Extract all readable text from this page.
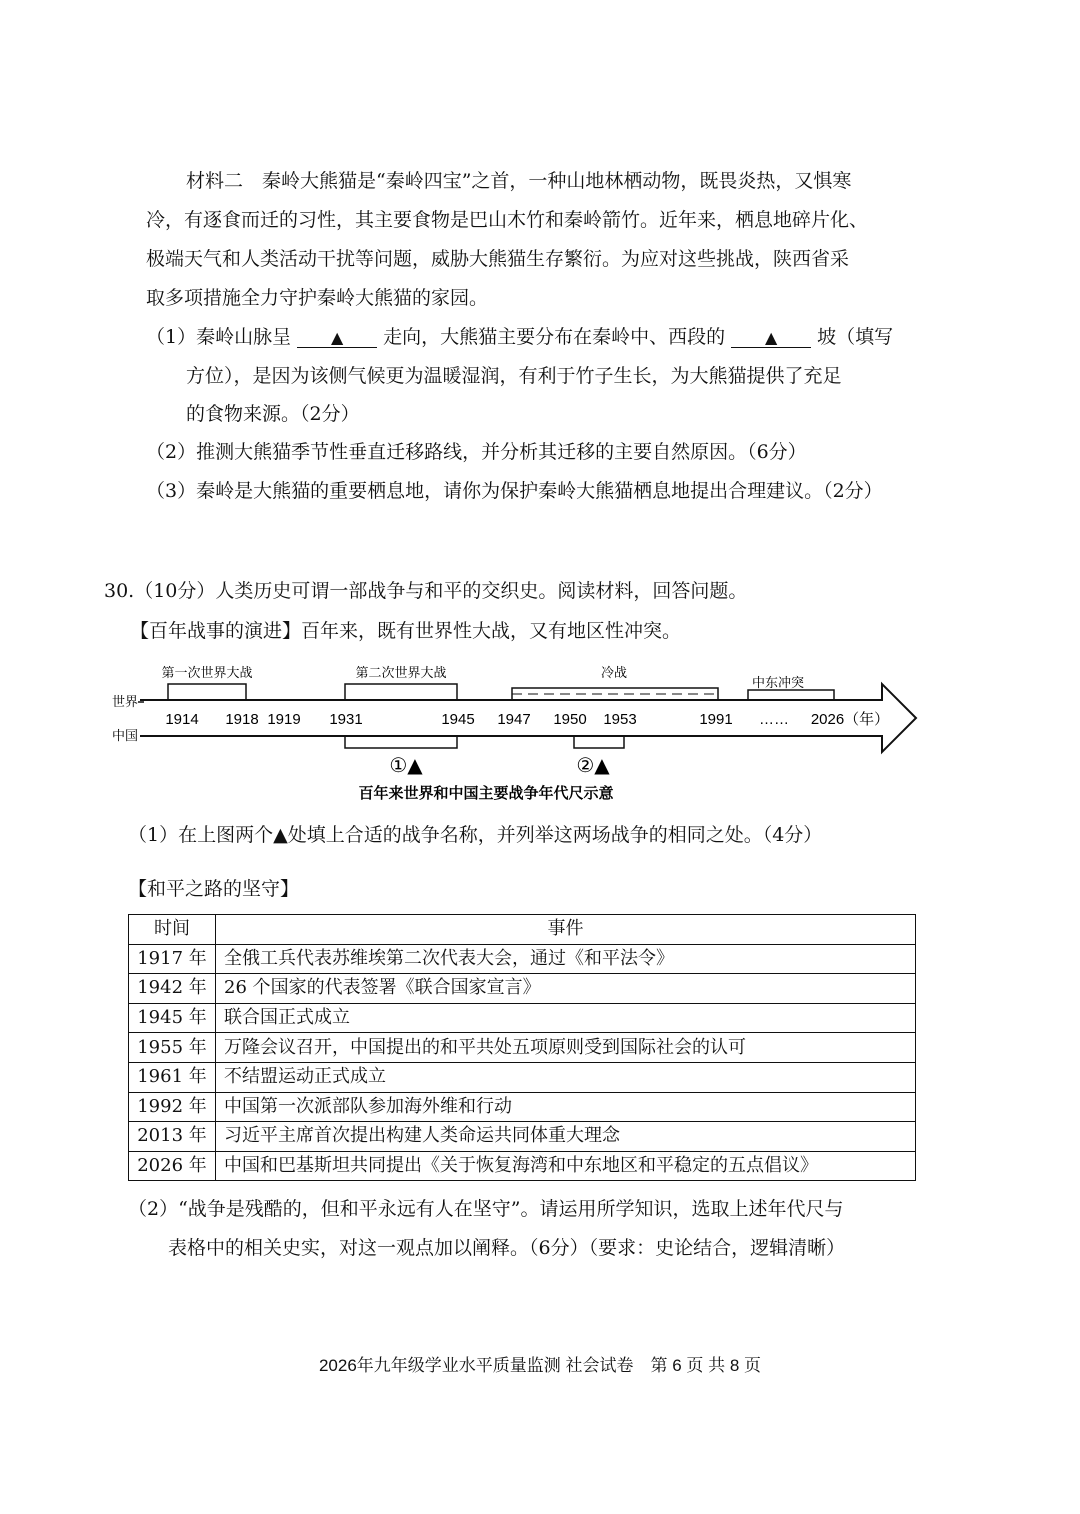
材料二　秦岭大熊猫是“秦岭四宝”之首，一种山地林栖动物，既畏炎热，又惧寒
冷，有逐食而迁的习性，其主要食物是巴山木竹和秦岭箭竹。近年来，栖息地碎片化、
极端天气和人类活动干扰等问题，威胁大熊猫生存繁衍。为应对这些挑战，陕西省采
取多项措施全力守护秦岭大熊猫的家园。
（1）秦岭山脉呈 ▲ 走向，大熊猫主要分布在秦岭中、西段的 ▲ 坡（填写
方位），是因为该侧气候更为温暖湿润，有利于竹子生长，为大熊猫提供了充足
的食物来源。（2分）
（2）推测大熊猫季节性垂直迁移路线，并分析其迁移的主要自然原因。（6分）
（3）秦岭是大熊猫的重要栖息地，请你为保护秦岭大熊猫栖息地提出合理建议。（2分）
30.（10分）人类历史可谓一部战争与和平的交织史。阅读材料，回答问题。
【百年战事的演进】百年来，既有世界性大战，又有地区性冲突。
第一次世界大战	第二次世界大战	冷战
中东冲突
世界
中国
1914 1918 1919 1931	1945 1947 1950 1953	1991 …… 2026（年）
①▲	②▲
百年来世界和中国主要战争年代尺示意
（1）在上图两个▲处填上合适的战争名称，并列举这两场战争的相同之处。（4分）
【和平之路的坚守】
时间	事件
1917 年	全俄工兵代表苏维埃第二次代表大会，通过《和平法令》
1942 年	26 个国家的代表签署《联合国家宣言》
1945 年	联合国正式成立
1955 年	万隆会议召开，中国提出的和平共处五项原则受到国际社会的认可
1961 年	不结盟运动正式成立
1992 年	中国第一次派部队参加海外维和行动
2013 年	习近平主席首次提出构建人类命运共同体重大理念
2026 年	中国和巴基斯坦共同提出《关于恢复海湾和中东地区和平稳定的五点倡议》
（2）“战争是残酷的，但和平永远有人在坚守”。请运用所学知识，选取上述年代尺与
表格中的相关史实，对这一观点加以阐释。（6分）（要求：史论结合，逻辑清晰）
2026年九年级学业水平质量监测 社会试卷　第 6 页 共 8 页
